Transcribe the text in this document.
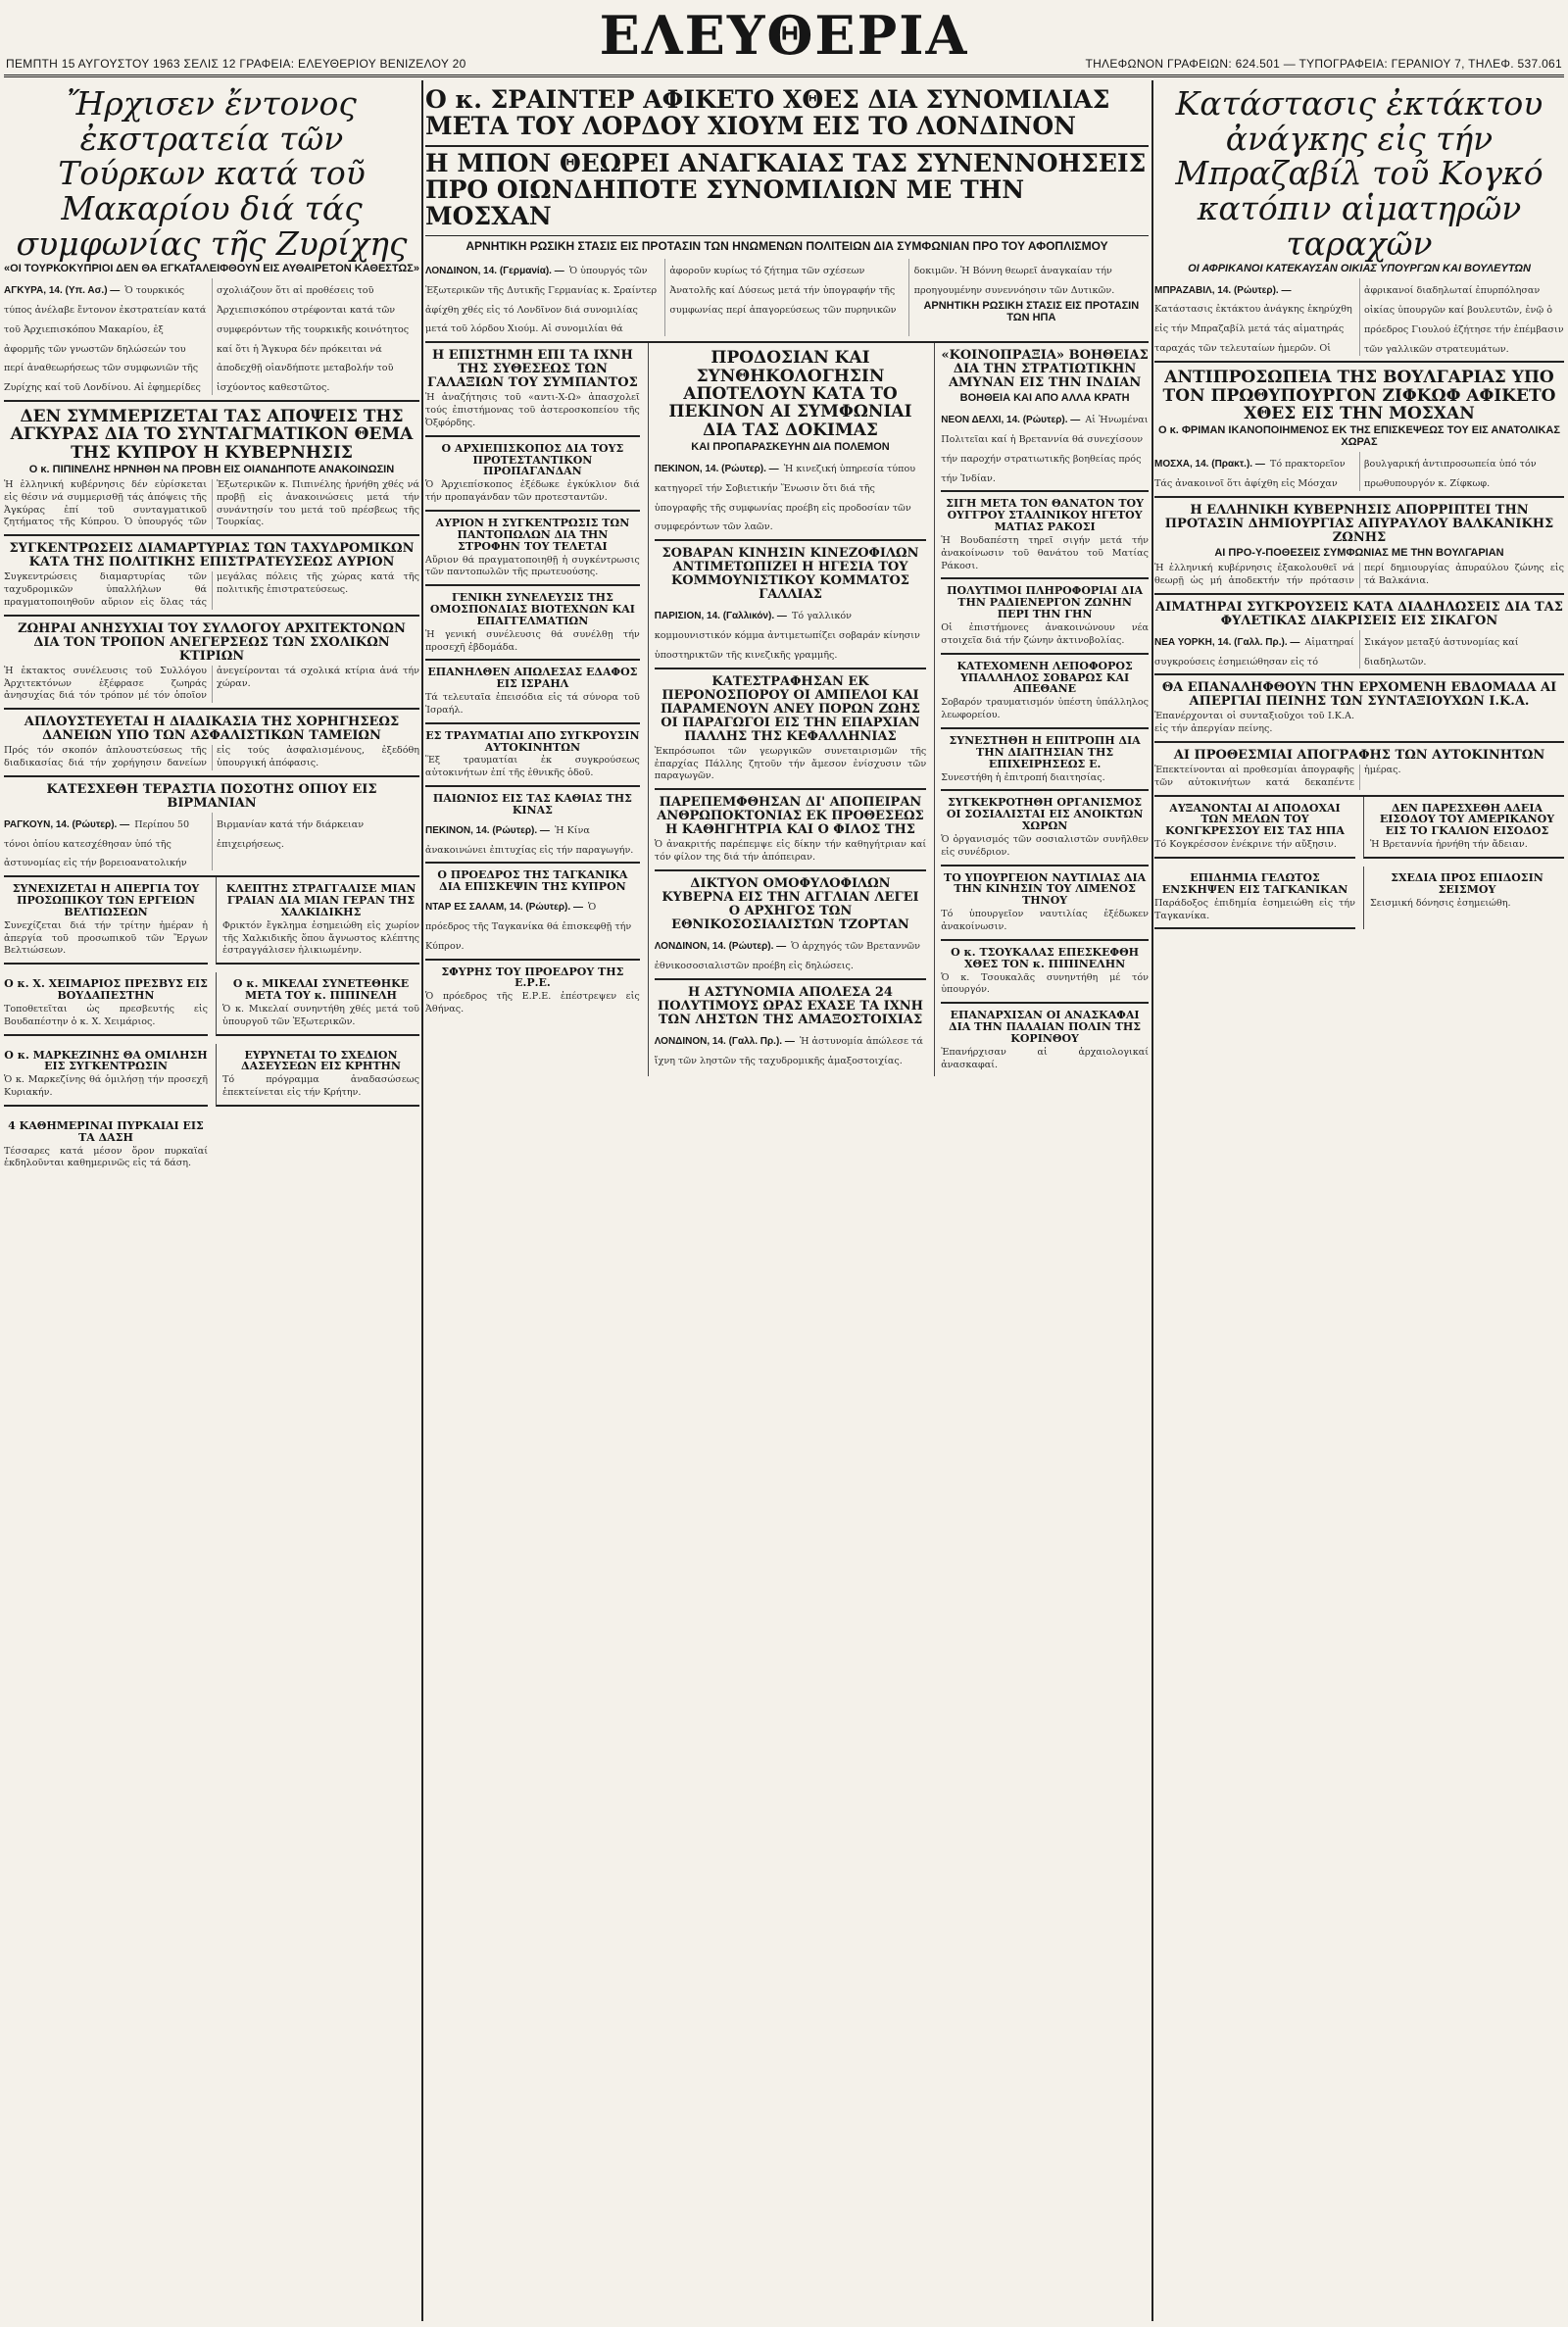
ΕΛΕΥΘΕΡΙΑ
ΠΕΜΠΤΗ 15 ΑΥΓΟΥΣΤΟΥ 1963 ΣΕΛΙΣ 12 ΓΡΑΦΕΙΑ: ΕΛΕΥΘΕΡΙΟΥ ΒΕΝΙΖΕΛΟΥ 20	ΤΗΛΕΦΩΝΟΝ ΓΡΑΦΕΙΩΝ: 624.501 — ΤΥΠΟΓΡΑΦΕΙΑ: ΓΕΡΑΝΙΟΥ 7, ΤΗΛΕΦ. 537.061
Ἤρχισεν ἔντονος ἐκστρατεία τῶν Τούρκων κατά τοῦ Μακαρίου διά τάς συμφωνίας τῆς Ζυρίχης
«ΟΙ ΤΟΥΡΚΟΚΥΠΡΙΟΙ ΔΕΝ ΘΑ ΕΓΚΑΤΑΛΕΙΦΘΟΥΝ ΕΙΣ ΑΥΘΑΙΡΕΤΟΝ ΚΑΘΕΣΤΩΣ»
ΑΓΚΥΡΑ, 14. (Υπ. Ασ.) — Ὁ τουρκικός τύπος ἀνέλαβε ἔντονον ἐκστρατείαν κατά τοῦ Ἀρχιεπισκόπου Μακαρίου, ἐξ ἀφορμῆς τῶν γνωστῶν δηλώσεών του περί ἀναθεωρήσεως τῶν συμφωνιῶν τῆς Ζυρίχης καί τοῦ Λονδίνου. Αἱ ἐφημερίδες σχολιάζουν ὅτι αἱ προθέσεις τοῦ Ἀρχιεπισκόπου στρέφονται κατά τῶν συμφερόντων τῆς τουρκικῆς κοινότητος καί ὅτι ἡ Ἄγκυρα δέν πρόκειται νά ἀποδεχθῇ οἱανδήποτε μεταβολήν τοῦ ἰσχύοντος καθεστῶτος.
ΔΕΝ ΣΥΜΜΕΡΙΖΕΤΑΙ ΤΑΣ ΑΠΟΨΕΙΣ ΤΗΣ ΑΓΚΥΡΑΣ ΔΙΑ ΤΟ ΣΥΝΤΑΓΜΑΤΙΚΟΝ ΘΕΜΑ ΤΗΣ ΚΥΠΡΟΥ Η ΚΥΒΕΡΝΗΣΙΣ
Ο κ. ΠΙΠΙΝΕΛΗΣ ΗΡΝΗΘΗ ΝΑ ΠΡΟΒΗ ΕΙΣ ΟΙΑΝΔΗΠΟΤΕ ΑΝΑΚΟΙΝΩΣΙΝ
Ἡ ἑλληνική κυβέρνησις δέν εὑρίσκεται εἰς θέσιν νά συμμερισθῇ τάς ἀπόψεις τῆς Ἀγκύρας ἐπί τοῦ συνταγματικοῦ ζητήματος τῆς Κύπρου. Ὁ ὑπουργός τῶν Ἐξωτερικῶν κ. Πιπινέλης ἠρνήθη χθές νά προβῇ εἰς ἀνακοινώσεις μετά τήν συνάντησίν του μετά τοῦ πρέσβεως τῆς Τουρκίας.
ΣΥΓΚΕΝΤΡΩΣΕΙΣ ΔΙΑΜΑΡΤΥΡΙΑΣ ΤΩΝ ΤΑΧΥΔΡΟΜΙΚΩΝ ΚΑΤΑ ΤΗΣ ΠΟΛΙΤΙΚΗΣ ΕΠΙΣΤΡΑΤΕΥΣΕΩΣ ΑΥΡΙΟΝ
Συγκεντρώσεις διαμαρτυρίας τῶν ταχυδρομικῶν ὑπαλλήλων θά πραγματοποιηθοῦν αὔριον εἰς ὅλας τάς μεγάλας πόλεις τῆς χώρας κατά τῆς πολιτικῆς ἐπιστρατεύσεως.
ΖΩΗΡΑΙ ΑΝΗΣΥΧΙΑΙ ΤΟΥ ΣΥΛΛΟΓΟΥ ΑΡΧΙΤΕΚΤΟΝΩΝ ΔΙΑ ΤΟΝ ΤΡΟΠΟΝ ΑΝΕΓΕΡΣΕΩΣ ΤΩΝ ΣΧΟΛΙΚΩΝ ΚΤΙΡΙΩΝ
Ἡ ἐκτακτος συνέλευσις τοῦ Συλλόγου Ἀρχιτεκτόνων ἐξέφρασε ζωηράς ἀνησυχίας διά τόν τρόπον μέ τόν ὁποῖον ἀνεγείρονται τά σχολικά κτίρια ἀνά τήν χώραν.
ΑΠΛΟΥΣΤΕΥΕΤΑΙ Η ΔΙΑΔΙΚΑΣΙΑ ΤΗΣ ΧΟΡΗΓΗΣΕΩΣ ΔΑΝΕΙΩΝ ΥΠΟ ΤΩΝ ΑΣΦΑΛΙΣΤΙΚΩΝ ΤΑΜΕΙΩΝ
Πρός τόν σκοπόν ἁπλουστεύσεως τῆς διαδικασίας διά τήν χορήγησιν δανείων εἰς τούς ἀσφαλισμένους, ἐξεδόθη ὑπουργική ἀπόφασις.
ΚΑΤΕΣΧΕΘΗ ΤΕΡΑΣΤΙΑ ΠΟΣΟΤΗΣ ΟΠΙΟΥ ΕΙΣ ΒΙΡΜΑΝΙΑΝ
ΡΑΓΚΟΥΝ, 14. (Ρώυτερ). — Περίπου 50 τόνοι ὀπίου κατεσχέθησαν ὑπό τῆς ἀστυνομίας εἰς τήν βορειοανατολικήν Βιρμανίαν κατά τήν διάρκειαν ἐπιχειρήσεως.
ΣΥΝΕΧΙΖΕΤΑΙ Η ΑΠΕΡΓΙΑ ΤΟΥ ΠΡΟΣΩΠΙΚΟΥ ΤΩΝ ΕΡΓΕΙΩΝ ΒΕΛΤΙΩΣΕΩΝ
Συνεχίζεται διά τήν τρίτην ἡμέραν ἡ ἀπεργία τοῦ προσωπικοῦ τῶν Ἔργων Βελτιώσεων.
ΚΛΕΠΤΗΣ ΣΤΡΑΓΓΑΛΙΣΕ ΜΙΑΝ ΓΡΑΙΑΝ ΔΙΑ ΜΙΑΝ ΓΕΡΑΝ ΤΗΣ ΧΑΛΚΙΔΙΚΗΣ
Φρικτόν ἔγκλημα ἐσημειώθη εἰς χωρίον τῆς Χαλκιδικῆς ὅπου ἄγνωστος κλέπτης ἐστραγγάλισεν ἡλικιωμένην.
Ο κ. Χ. ΧΕΙΜΑΡΙΟΣ ΠΡΕΣΒΥΣ ΕΙΣ ΒΟΥΔΑΠΕΣΤΗΝ
Τοποθετεῖται ὡς πρεσβευτής εἰς Βουδαπέστην ὁ κ. Χ. Χειμάριος.
Ο κ. ΜΙΚΕΛΑΙ ΣΥΝΕΤΕΘΗΚΕ ΜΕΤΑ ΤΟΥ κ. ΠΙΠΙΝΕΛΗ
Ὁ κ. Μικελαί συνηντήθη χθές μετά τοῦ ὑπουργοῦ τῶν Ἐξωτερικῶν.
Ο κ. ΜΑΡΚΕΖΙΝΗΣ ΘΑ ΟΜΙΛΗΣΗ ΕΙΣ ΣΥΓΚΕΝΤΡΩΣΙΝ
Ὁ κ. Μαρκεζίνης θά ὁμιλήσῃ τήν προσεχῆ Κυριακήν.
ΕΥΡΥΝΕΤΑΙ ΤΟ ΣΧΕΔΙΟΝ ΔΑΣΕΥΣΕΩΝ ΕΙΣ ΚΡΗΤΗΝ
Τό πρόγραμμα ἀναδασώσεως ἐπεκτείνεται εἰς τήν Κρήτην.
4 ΚΑΘΗΜΕΡΙΝΑΙ ΠΥΡΚΑΙΑΙ ΕΙΣ ΤΑ ΔΑΣΗ
Τέσσαρες κατά μέσον ὅρον πυρκαϊαί ἐκδηλοῦνται καθημερινῶς εἰς τά δάση.
Ο κ. ΣΡΑΙΝΤΕΡ ΑΦΙΚΕΤΟ ΧΘΕΣ ΔΙΑ ΣΥΝΟΜΙΛΙΑΣ ΜΕΤΑ ΤΟΥ ΛΟΡΔΟΥ ΧΙΟΥΜ ΕΙΣ ΤΟ ΛΟΝΔΙΝΟΝ
Η ΜΠΟΝ ΘΕΩΡΕΙ ΑΝΑΓΚΑΙΑΣ ΤΑΣ ΣΥΝΕΝΝΟΗΣΕΙΣ ΠΡΟ ΟΙΩΝΔΗΠΟΤΕ ΣΥΝΟΜΙΛΙΩΝ ΜΕ ΤΗΝ ΜΟΣΧΑΝ
ΑΡΝΗΤΙΚΗ ΡΩΣΙΚΗ ΣΤΑΣΙΣ ΕΙΣ ΠΡΟΤΑΣΙΝ ΤΩΝ ΗΝΩΜΕΝΩΝ ΠΟΛΙΤΕΙΩΝ ΔΙΑ ΣΥΜΦΩΝΙΑΝ ΠΡΟ ΤΟΥ ΑΦΟΠΛΙΣΜΟΥ
ΛΟΝΔΙΝΟΝ, 14. (Γερμανία). — Ὁ ὑπουργός τῶν Ἐξωτερικῶν τῆς Δυτικῆς Γερμανίας κ. Σραίντερ ἀφίχθη χθές εἰς τό Λονδῖνον διά συνομιλίας μετά τοῦ λόρδου Χιούμ. Αἱ συνομιλίαι θά ἀφοροῦν κυρίως τό ζήτημα τῶν σχέσεων Ἀνατολῆς καί Δύσεως μετά τήν ὑπογραφήν τῆς συμφωνίας περί ἀπαγορεύσεως τῶν πυρηνικῶν δοκιμῶν. Ἡ Βόννη θεωρεῖ ἀναγκαίαν τήν προηγουμένην συνεννόησιν τῶν Δυτικῶν.
ΑΡΝΗΤΙΚΗ ΡΩΣΙΚΗ ΣΤΑΣΙΣ ΕΙΣ ΠΡΟΤΑΣΙΝ ΤΩΝ ΗΠΑ
Η ΕΠΙΣΤΗΜΗ ΕΠΙ ΤΑ ΙΧΝΗ ΤΗΣ ΣΥΘΕΣΕΩΣ ΤΩΝ ΓΑΛΑΞΙΩΝ ΤΟΥ ΣΥΜΠΑΝΤΟΣ
Ἡ ἀναζήτησις τοῦ «αντι-X-Ω» ἀπασχολεῖ τούς ἐπιστήμονας τοῦ ἀστεροσκοπείου τῆς Ὀξφόρδης.
Ο ΑΡΧΙΕΠΙΣΚΟΠΟΣ ΔΙΑ ΤΟΥΣ ΠΡΟΤΕΣΤΑΝΤΙΚΟΝ ΠΡΟΠΑΓΑΝΔΑΝ
Ὁ Ἀρχιεπίσκοπος ἐξέδωκε ἐγκύκλιον διά τήν προπαγάνδαν τῶν προτεσταντῶν.
ΑΥΡΙΟΝ Η ΣΥΓΚΕΝΤΡΩΣΙΣ ΤΩΝ ΠΑΝΤΟΠΩΛΩΝ ΔΙΑ ΤΗΝ ΣΤΡΟΦΗΝ ΤΟΥ ΤΕΛΕΤΑΙ
Αὔριον θά πραγματοποιηθῇ ἡ συγκέντρωσις τῶν παντοπωλῶν τῆς πρωτευούσης.
ΓΕΝΙΚΗ ΣΥΝΕΛΕΥΣΙΣ ΤΗΣ ΟΜΟΣΠΟΝΔΙΑΣ ΒΙΟΤΕΧΝΩΝ ΚΑΙ ΕΠΑΓΓΕΛΜΑΤΙΩΝ
Ἡ γενική συνέλευσις θά συνέλθῃ τήν προσεχῆ ἑβδομάδα.
ΕΠΑΝΗΛΘΕΝ ΑΠΩΛΕΣΑΣ ΕΔΑΦΟΣ ΕΙΣ ΙΣΡΑΗΛ
Τά τελευταῖα ἐπεισόδια εἰς τά σύνορα τοῦ Ἰσραήλ.
ΕΣ ΤΡΑΥΜΑΤΙΑΙ ΑΠΟ ΣΥΓΚΡΟΥΣΙΝ ΑΥΤΟΚΙΝΗΤΩΝ
Ἕξ τραυματίαι ἐκ συγκρούσεως αὐτοκινήτων ἐπί τῆς ἐθνικῆς ὁδοῦ.
ΠΑΙΩΝΙΟΣ ΕΙΣ ΤΑΣ ΚΑΘΙΑΣ ΤΗΣ ΚΙΝΑΣ
ΠΕΚΙΝΟΝ, 14. (Ρώυτερ). — Ἡ Κίνα ἀνακοινώνει ἐπιτυχίας εἰς τήν παραγωγήν.
Ο ΠΡΟΕΔΡΟΣ ΤΗΣ ΤΑΓΚΑΝΙΚΑ ΔΙΑ ΕΠΙΣΚΕΨΙΝ ΤΗΣ ΚΥΠΡΟΝ
ΝΤΑΡ ΕΣ ΣΑΛΑΜ, 14. (Ρώυτερ). — Ὁ πρόεδρος τῆς Ταγκανίκα θά ἐπισκεφθῇ τήν Κύπρον.
ΣΦΥΡΗΣ ΤΟΥ ΠΡΟΕΔΡΟΥ ΤΗΣ Ε.Ρ.Ε.
Ὁ πρόεδρος τῆς Ε.Ρ.Ε. ἐπέστρεψεν εἰς Ἀθήνας.
ΠΡΟΔΟΣΙΑΝ ΚΑΙ ΣΥΝΘΗΚΟΛΟΓΗΣΙΝ ΑΠΟΤΕΛΟΥΝ ΚΑΤΑ ΤΟ ΠΕΚΙΝΟΝ ΑΙ ΣΥΜΦΩΝΙΑΙ ΔΙΑ ΤΑΣ ΔΟΚΙΜΑΣ
ΚΑΙ ΠΡΟΠΑΡΑΣΚΕΥΗΝ ΔΙΑ ΠΟΛΕΜΟΝ
ΠΕΚΙΝΟΝ, 14. (Ρώυτερ). — Ἡ κινεζική ὑπηρεσία τύπου κατηγορεῖ τήν Σοβιετικήν Ἕνωσιν ὅτι διά τῆς ὑπογραφῆς τῆς συμφωνίας προέβη εἰς προδοσίαν τῶν συμφερόντων τῶν λαῶν.
ΣΟΒΑΡΑΝ ΚΙΝΗΣΙΝ ΚΙΝΕΖΟΦΙΛΩΝ ΑΝΤΙΜΕΤΩΠΙΖΕΙ Η ΗΓΕΣΙΑ ΤΟΥ ΚΟΜΜΟΥΝΙΣΤΙΚΟΥ ΚΟΜΜΑΤΟΣ ΓΑΛΛΙΑΣ
ΠΑΡΙΣΙΟΝ, 14. (Γαλλικόν). — Τό γαλλικόν κομμουνιστικόν κόμμα ἀντιμετωπίζει σοβαράν κίνησιν ὑποστηρικτῶν τῆς κινεζικῆς γραμμῆς.
ΚΑΤΕΣΤΡΑΦΗΣΑΝ ΕΚ ΠΕΡΟΝΟΣΠΟΡΟΥ ΟΙ ΑΜΠΕΛΟΙ ΚΑΙ ΠΑΡΑΜΕΝΟΥΝ ΑΝΕΥ ΠΟΡΩΝ ΖΩΗΣ ΟΙ ΠΑΡΑΓΩΓΟΙ ΕΙΣ ΤΗΝ ΕΠΑΡΧΙΑΝ ΠΑΛΛΗΣ ΤΗΣ ΚΕΦΑΛΛΗΝΙΑΣ
Ἐκπρόσωποι τῶν γεωργικῶν συνεταιρισμῶν τῆς ἐπαρχίας Πάλλης ζητοῦν τήν ἄμεσον ἐνίσχυσιν τῶν παραγωγῶν.
ΠΑΡΕΠΕΜΦΘΗΣΑΝ ΔΙ' ΑΠΟΠΕΙΡΑΝ ΑΝΘΡΩΠΟΚΤΟΝΙΑΣ ΕΚ ΠΡΟΘΕΣΕΩΣ Η ΚΑΘΗΓΗΤΡΙΑ ΚΑΙ Ο ΦΙΛΟΣ ΤΗΣ
Ὁ ἀνακριτής παρέπεμψε εἰς δίκην τήν καθηγήτριαν καί τόν φίλον της διά τήν ἀπόπειραν.
ΔΙΚΤΥΟΝ ΟΜΟΦΥΛΟΦΙΛΩΝ ΚΥΒΕΡΝΑ ΕΙΣ ΤΗΝ ΑΓΓΛΙΑΝ ΛΕΓΕΙ Ο ΑΡΧΗΓΟΣ ΤΩΝ ΕΘΝΙΚΟΣΟΣΙΑΛΙΣΤΩΝ ΤΖΟΡΤΑΝ
ΛΟΝΔΙΝΟΝ, 14. (Ρώυτερ). — Ὁ ἀρχηγός τῶν Βρεταννῶν ἐθνικοσοσιαλιστῶν προέβη εἰς δηλώσεις.
Η ΑΣΤΥΝΟΜΙΑ ΑΠΟΛΕΣΑ 24 ΠΟΛΥΤΙΜΟΥΣ ΩΡΑΣ ΕΧΑΣΕ ΤΑ ΙΧΝΗ ΤΩΝ ΛΗΣΤΩΝ ΤΗΣ ΑΜΑΞΟΣΤΟΙΧΙΑΣ
ΛΟΝΔΙΝΟΝ, 14. (Γαλλ. Πρ.). — Ἡ ἀστυνομία ἀπώλεσε τά ἴχνη τῶν ληστῶν τῆς ταχυδρομικῆς ἁμαξοστοιχίας.
«ΚΟΙΝΟΠΡΑΞΙΑ» ΒΟΗΘΕΙΑΣ ΔΙΑ ΤΗΝ ΣΤΡΑΤΙΩΤΙΚΗΝ ΑΜΥΝΑΝ ΕΙΣ ΤΗΝ ΙΝΔΙΑΝ
ΒΟΗΘΕΙΑ ΚΑΙ ΑΠΟ ΑΛΛΑ ΚΡΑΤΗ
ΝΕΟΝ ΔΕΛΧΙ, 14. (Ρώυτερ). — Αἱ Ἡνωμέναι Πολιτεῖαι καί ἡ Βρεταννία θά συνεχίσουν τήν παροχήν στρατιωτικῆς βοηθείας πρός τήν Ἰνδίαν.
ΣΙΓΗ ΜΕΤΑ ΤΟΝ ΘΑΝΑΤΟΝ ΤΟΥ ΟΥΓΓΡΟΥ ΣΤΑΛΙΝΙΚΟΥ ΗΓΕΤΟΥ ΜΑΤΙΑΣ ΡΑΚΟΣΙ
Ἡ Βουδαπέστη τηρεῖ σιγήν μετά τήν ἀνακοίνωσιν τοῦ θανάτου τοῦ Ματίας Ράκοσι.
ΠΟΛΥΤΙΜΟΙ ΠΛΗΡΟΦΟΡΙΑΙ ΔΙΑ ΤΗΝ ΡΑΔΙΕΝΕΡΓΟΝ ΖΩΝΗΝ ΠΕΡΙ ΤΗΝ ΓΗΝ
Οἱ ἐπιστήμονες ἀνακοινώνουν νέα στοιχεῖα διά τήν ζώνην ἀκτινοβολίας.
ΚΑΤΕΧΟΜΕΝΗ ΛΕΠΟΦΟΡΟΣ ΥΠΑΛΛΗΛΟΣ ΣΟΒΑΡΩΣ ΚΑΙ ΑΠΕΘΑΝΕ
Σοβαρόν τραυματισμόν ὑπέστη ὑπάλληλος λεωφορείου.
ΣΥΝΕΣΤΗΘΗ Η ΕΠΙΤΡΟΠΗ ΔΙΑ ΤΗΝ ΔΙΑΙΤΗΣΙΑΝ ΤΗΣ ΕΠΙΧΕΙΡΗΣΕΩΣ Ε.
Συνεστήθη ἡ ἐπιτροπή διαιτησίας.
ΣΥΓΚΕΚΡΟΤΗΘΗ ΟΡΓΑΝΙΣΜΟΣ ΟΙ ΣΟΣΙΑΛΙΣΤΑΙ ΕΙΣ ΑΝΟΙΚΤΩΝ ΧΩΡΩΝ
Ὁ ὀργανισμός τῶν σοσιαλιστῶν συνῆλθεν εἰς συνέδριον.
ΤΟ ΥΠΟΥΡΓΕΙΟΝ ΝΑΥΤΙΛΙΑΣ ΔΙΑ ΤΗΝ ΚΙΝΗΣΙΝ ΤΟΥ ΛΙΜΕΝΟΣ ΤΗΝΟΥ
Τό ὑπουργεῖον ναυτιλίας ἐξέδωκεν ἀνακοίνωσιν.
Ο κ. ΤΣΟΥΚΑΛΑΣ ΕΠΕΣΚΕΦΘΗ ΧΘΕΣ ΤΟΝ κ. ΠΙΠΙΝΕΛΗΝ
Ὁ κ. Τσουκαλᾶς συνηντήθη μέ τόν ὑπουργόν.
ΕΠΑΝΑΡΧΙΣΑΝ ΟΙ ΑΝΑΣΚΑΦΑΙ ΔΙΑ ΤΗΝ ΠΑΛΑΙΑΝ ΠΟΛΙΝ ΤΗΣ ΚΟΡΙΝΘΟΥ
Ἐπανήρχισαν αἱ ἀρχαιολογικαί ἀνασκαφαί.
Κατάστασις ἐκτάκτου ἀνάγκης εἰς τήν Μπραζαβίλ τοῦ Κογκό κατόπιν αἱματηρῶν ταραχῶν
ΟΙ ΑΦΡΙΚΑΝΟΙ ΚΑΤΕΚΑΥΣΑΝ ΟΙΚΙΑΣ ΥΠΟΥΡΓΩΝ ΚΑΙ ΒΟΥΛΕΥΤΩΝ
ΜΠΡΑΖΑΒΙΛ, 14. (Ρώυτερ). — Κατάστασις ἐκτάκτου ἀνάγκης ἐκηρύχθη εἰς τήν Μπραζαβίλ μετά τάς αἱματηράς ταραχάς τῶν τελευταίων ἡμερῶν. Οἱ ἀφρικανοί διαδηλωταί ἐπυρπόλησαν οἰκίας ὑπουργῶν καί βουλευτῶν, ἐνῷ ὁ πρόεδρος Γιουλού ἐζήτησε τήν ἐπέμβασιν τῶν γαλλικῶν στρατευμάτων.
ΑΝΤΙΠΡΟΣΩΠΕΙΑ ΤΗΣ ΒΟΥΛΓΑΡΙΑΣ ΥΠΟ ΤΟΝ ΠΡΩΘΥΠΟΥΡΓΟΝ ΖΙΦΚΩΦ ΑΦΙΚΕΤΟ ΧΘΕΣ ΕΙΣ ΤΗΝ ΜΟΣΧΑΝ
Ο κ. ΦΡΙΜΑΝ ΙΚΑΝΟΠΟΙΗΜΕΝΟΣ ΕΚ ΤΗΣ ΕΠΙΣΚΕΨΕΩΣ ΤΟΥ ΕΙΣ ΑΝΑΤΟΛΙΚΑΣ ΧΩΡΑΣ
ΜΟΣΧΑ, 14. (Πρακτ.). — Τό πρακτορεῖον Τάς ἀνακοινοῖ ὅτι ἀφίχθη εἰς Μόσχαν βουλγαρική ἀντιπροσωπεία ὑπό τόν πρωθυπουργόν κ. Ζίφκωφ.
Η ΕΛΛΗΝΙΚΗ ΚΥΒΕΡΝΗΣΙΣ ΑΠΟΡΡΙΠΤΕΙ ΤΗΝ ΠΡΟΤΑΣΙΝ ΔΗΜΙΟΥΡΓΙΑΣ ΑΠΥΡΑΥΛΟΥ ΒΑΛΚΑΝΙΚΗΣ ΖΩΝΗΣ
ΑΙ ΠΡΟ-Υ-ΠΟΘΕΣΕΙΣ ΣΥΜΦΩΝΙΑΣ ΜΕ ΤΗΝ ΒΟΥΛΓΑΡΙΑΝ
Ἡ ἑλληνική κυβέρνησις ἐξακολουθεῖ νά θεωρῇ ὡς μή ἀποδεκτήν τήν πρότασιν περί δημιουργίας ἀπυραύλου ζώνης εἰς τά Βαλκάνια.
ΑΙΜΑΤΗΡΑΙ ΣΥΓΚΡΟΥΣΕΙΣ ΚΑΤΑ ΔΙΑΔΗΛΩΣΕΙΣ ΔΙΑ ΤΑΣ ΦΥΛΕΤΙΚΑΣ ΔΙΑΚΡΙΣΕΙΣ ΕΙΣ ΣΙΚΑΓΟΝ
ΝΕΑ ΥΟΡΚΗ, 14. (Γαλλ. Πρ.). — Αἱματηραί συγκρούσεις ἐσημειώθησαν εἰς τό Σικάγον μεταξύ ἀστυνομίας καί διαδηλωτῶν.
ΘΑ ΕΠΑΝΑΛΗΦΘΟΥΝ ΤΗΝ ΕΡΧΟΜΕΝΗ ΕΒΔΟΜΑΔΑ ΑΙ ΑΠΕΡΓΙΑΙ ΠΕΙΝΗΣ ΤΩΝ ΣΥΝΤΑΞΙΟΥΧΩΝ Ι.Κ.Α.
Ἐπανέρχονται οἱ συνταξιοῦχοι τοῦ Ι.Κ.Α. εἰς τήν ἀπεργίαν πείνης.
ΑΙ ΠΡΟΘΕΣΜΙΑΙ ΑΠΟΓΡΑΦΗΣ ΤΩΝ ΑΥΤΟΚΙΝΗΤΩΝ
Ἐπεκτείνονται αἱ προθεσμίαι ἀπογραφῆς τῶν αὐτοκινήτων κατά δεκαπέντε ἡμέρας.
ΑΥΞΑΝΟΝΤΑΙ ΑΙ ΑΠΟΔΟΧΑΙ ΤΩΝ ΜΕΛΩΝ ΤΟΥ ΚΟΝΓΚΡΕΣΣΟΥ ΕΙΣ ΤΑΣ ΗΠΑ
Τό Κογκρέσσον ἐνέκρινε τήν αὔξησιν.
ΔΕΝ ΠΑΡΕΣΧΕΘΗ ΑΔΕΙΑ ΕΙΣΟΔΟΥ ΤΟΥ ΑΜΕΡΙΚΑΝΟΥ ΕΙΣ ΤΟ ΓΚΑΛΙΟΝ ΕΙΣΟΔΟΣ
Ἡ Βρεταννία ἠρνήθη τήν ἄδειαν.
ΕΠΙΔΗΜΙΑ ΓΕΛΩΤΟΣ ΕΝΣΚΗΨΕΝ ΕΙΣ ΤΑΓΚΑΝΙΚΑΝ
Παράδοξος ἐπιδημία ἐσημειώθη εἰς τήν Ταγκανίκα.
ΣΧΕΔΙΑ ΠΡΟΣ ΕΠΙΔΟΣΙΝ ΣΕΙΣΜΟΥ
Σεισμική δόνησις ἐσημειώθη.
